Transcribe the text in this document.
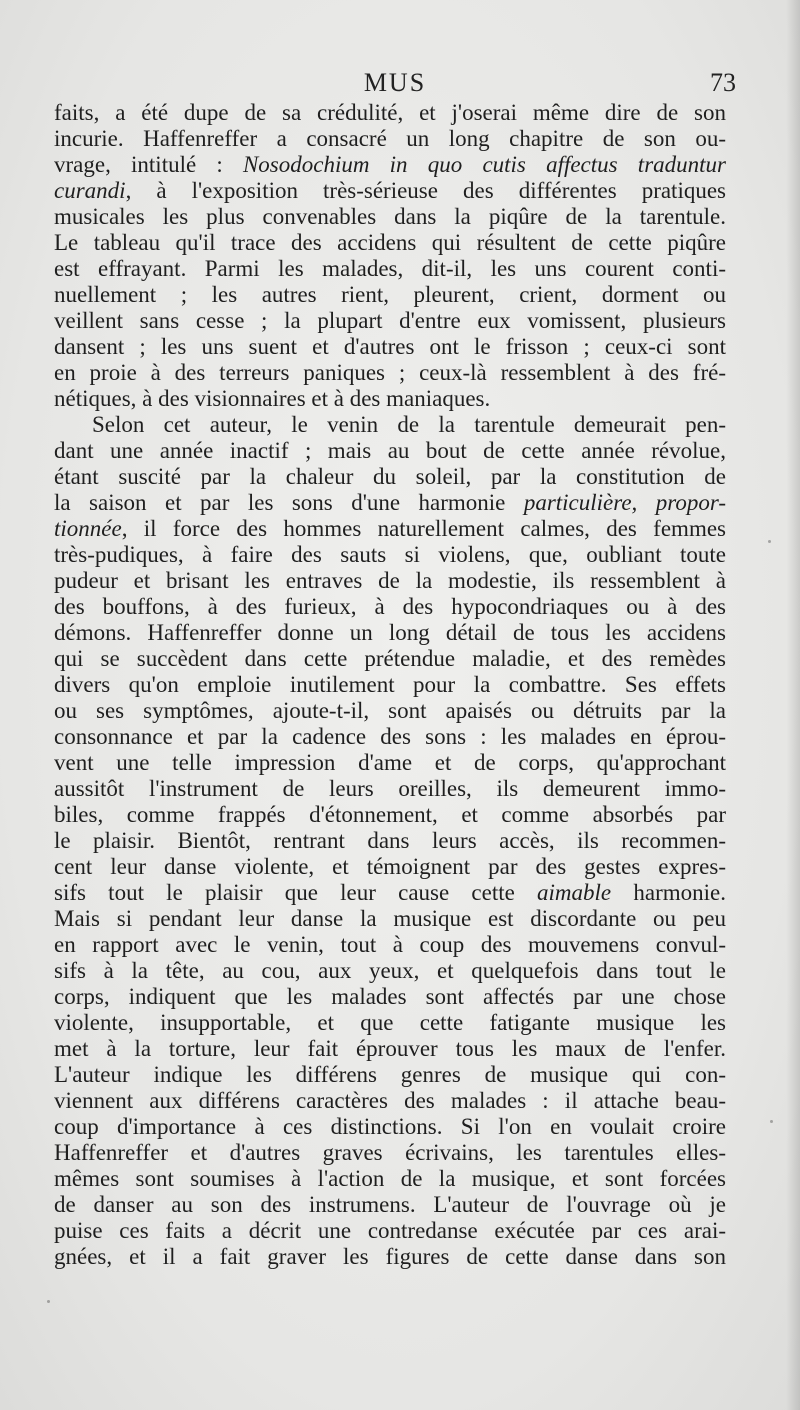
MUS	73
faits, a été dupe de sa crédulité, et j'oserai même dire de son
incurie. Haffenreffer a consacré un long chapitre de son ou-
vrage, intitulé : Nosodochium in quo cutis affectus traduntur
curandi, à l'exposition très-sérieuse des différentes pratiques
musicales les plus convenables dans la piqûre de la tarentule.
Le tableau qu'il trace des accidens qui résultent de cette piqûre
est effrayant. Parmi les malades, dit-il, les uns courent conti-
nuellement ; les autres rient, pleurent, crient, dorment ou
veillent sans cesse ; la plupart d'entre eux vomissent, plusieurs
dansent ; les uns suent et d'autres ont le frisson ; ceux-ci sont
en proie à des terreurs paniques ; ceux-là ressemblent à des fré-
nétiques, à des visionnaires et à des maniaques.
Selon cet auteur, le venin de la tarentule demeurait pen-
dant une année inactif ; mais au bout de cette année révolue,
étant suscité par la chaleur du soleil, par la constitution de
la saison et par les sons d'une harmonie particulière, propor-
tionnée, il force des hommes naturellement calmes, des femmes
très-pudiques, à faire des sauts si violens, que, oubliant toute
pudeur et brisant les entraves de la modestie, ils ressemblent à
des bouffons, à des furieux, à des hypocondriaques ou à des
démons. Haffenreffer donne un long détail de tous les accidens
qui se succèdent dans cette prétendue maladie, et des remèdes
divers qu'on emploie inutilement pour la combattre. Ses effets
ou ses symptômes, ajoute-t-il, sont apaisés ou détruits par la
consonnance et par la cadence des sons : les malades en éprou-
vent une telle impression d'ame et de corps, qu'approchant
aussitôt l'instrument de leurs oreilles, ils demeurent immo-
biles, comme frappés d'étonnement, et comme absorbés par
le plaisir. Bientôt, rentrant dans leurs accès, ils recommen-
cent leur danse violente, et témoignent par des gestes expres-
sifs tout le plaisir que leur cause cette aimable harmonie.
Mais si pendant leur danse la musique est discordante ou peu
en rapport avec le venin, tout à coup des mouvemens convul-
sifs à la tête, au cou, aux yeux, et quelquefois dans tout le
corps, indiquent que les malades sont affectés par une chose
violente, insupportable, et que cette fatigante musique les
met à la torture, leur fait éprouver tous les maux de l'enfer.
L'auteur indique les différens genres de musique qui con-
viennent aux différens caractères des malades : il attache beau-
coup d'importance à ces distinctions. Si l'on en voulait croire
Haffenreffer et d'autres graves écrivains, les tarentules elles-
mêmes sont soumises à l'action de la musique, et sont forcées
de danser au son des instrumens. L'auteur de l'ouvrage où je
puise ces faits a décrit une contredanse exécutée par ces arai-
gnées, et il a fait graver les figures de cette danse dans son
